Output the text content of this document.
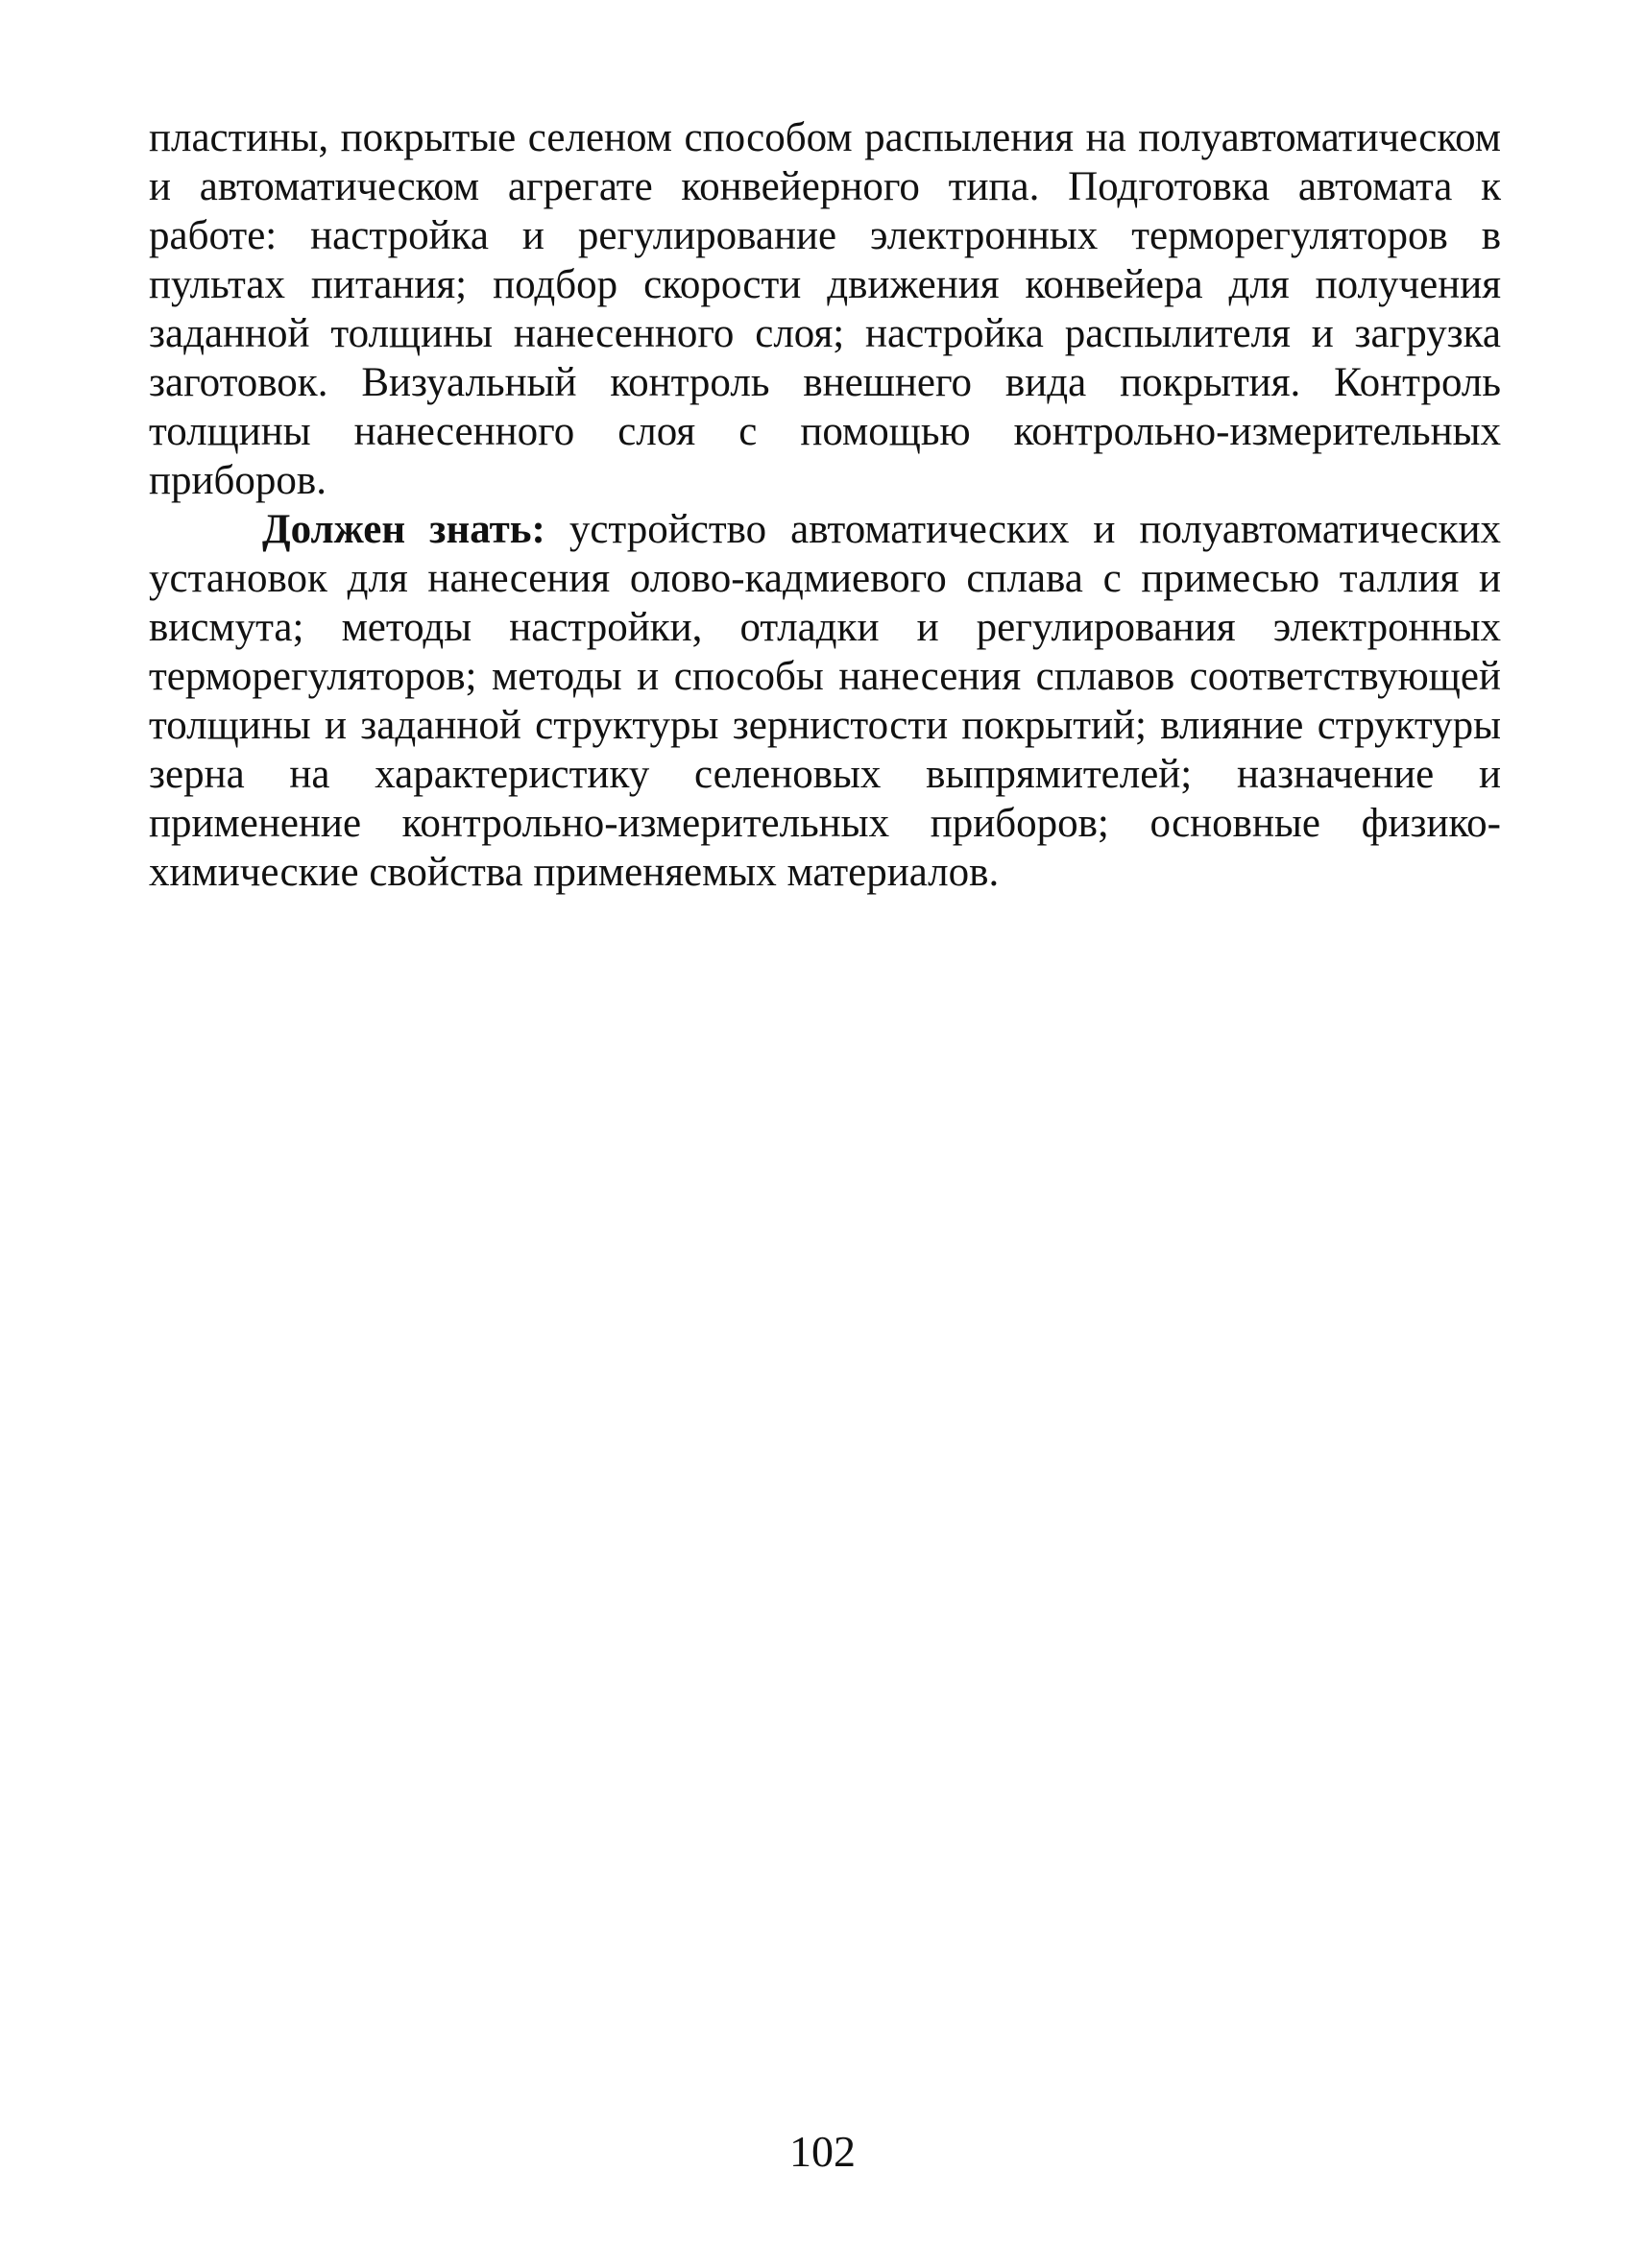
пластины, покрытые селеном способом распыления на полуавтоматическом и автоматическом агрегате конвейерного типа. Подготовка автомата к работе: настройка и регулирование электронных терморегуляторов в пультах питания; подбор скорости движения конвейера для получения заданной толщины нанесенного слоя; настройка распылителя и загрузка заготовок. Визуальный контроль внешнего вида покрытия. Контроль толщины нанесенного слоя с помощью контрольно-измерительных приборов.

Должен знать: устройство автоматических и полуавтоматических установок для нанесения олово-кадмиевого сплава с примесью таллия и висмута; методы настройки, отладки и регулирования электронных терморегуляторов; методы и способы нанесения сплавов соответствующей толщины и заданной структуры зернистости покрытий; влияние структуры зерна на характеристику селеновых выпрямителей; назначение и применение контрольно-измерительных приборов; основные физико-химические свойства применяемых материалов.

102
